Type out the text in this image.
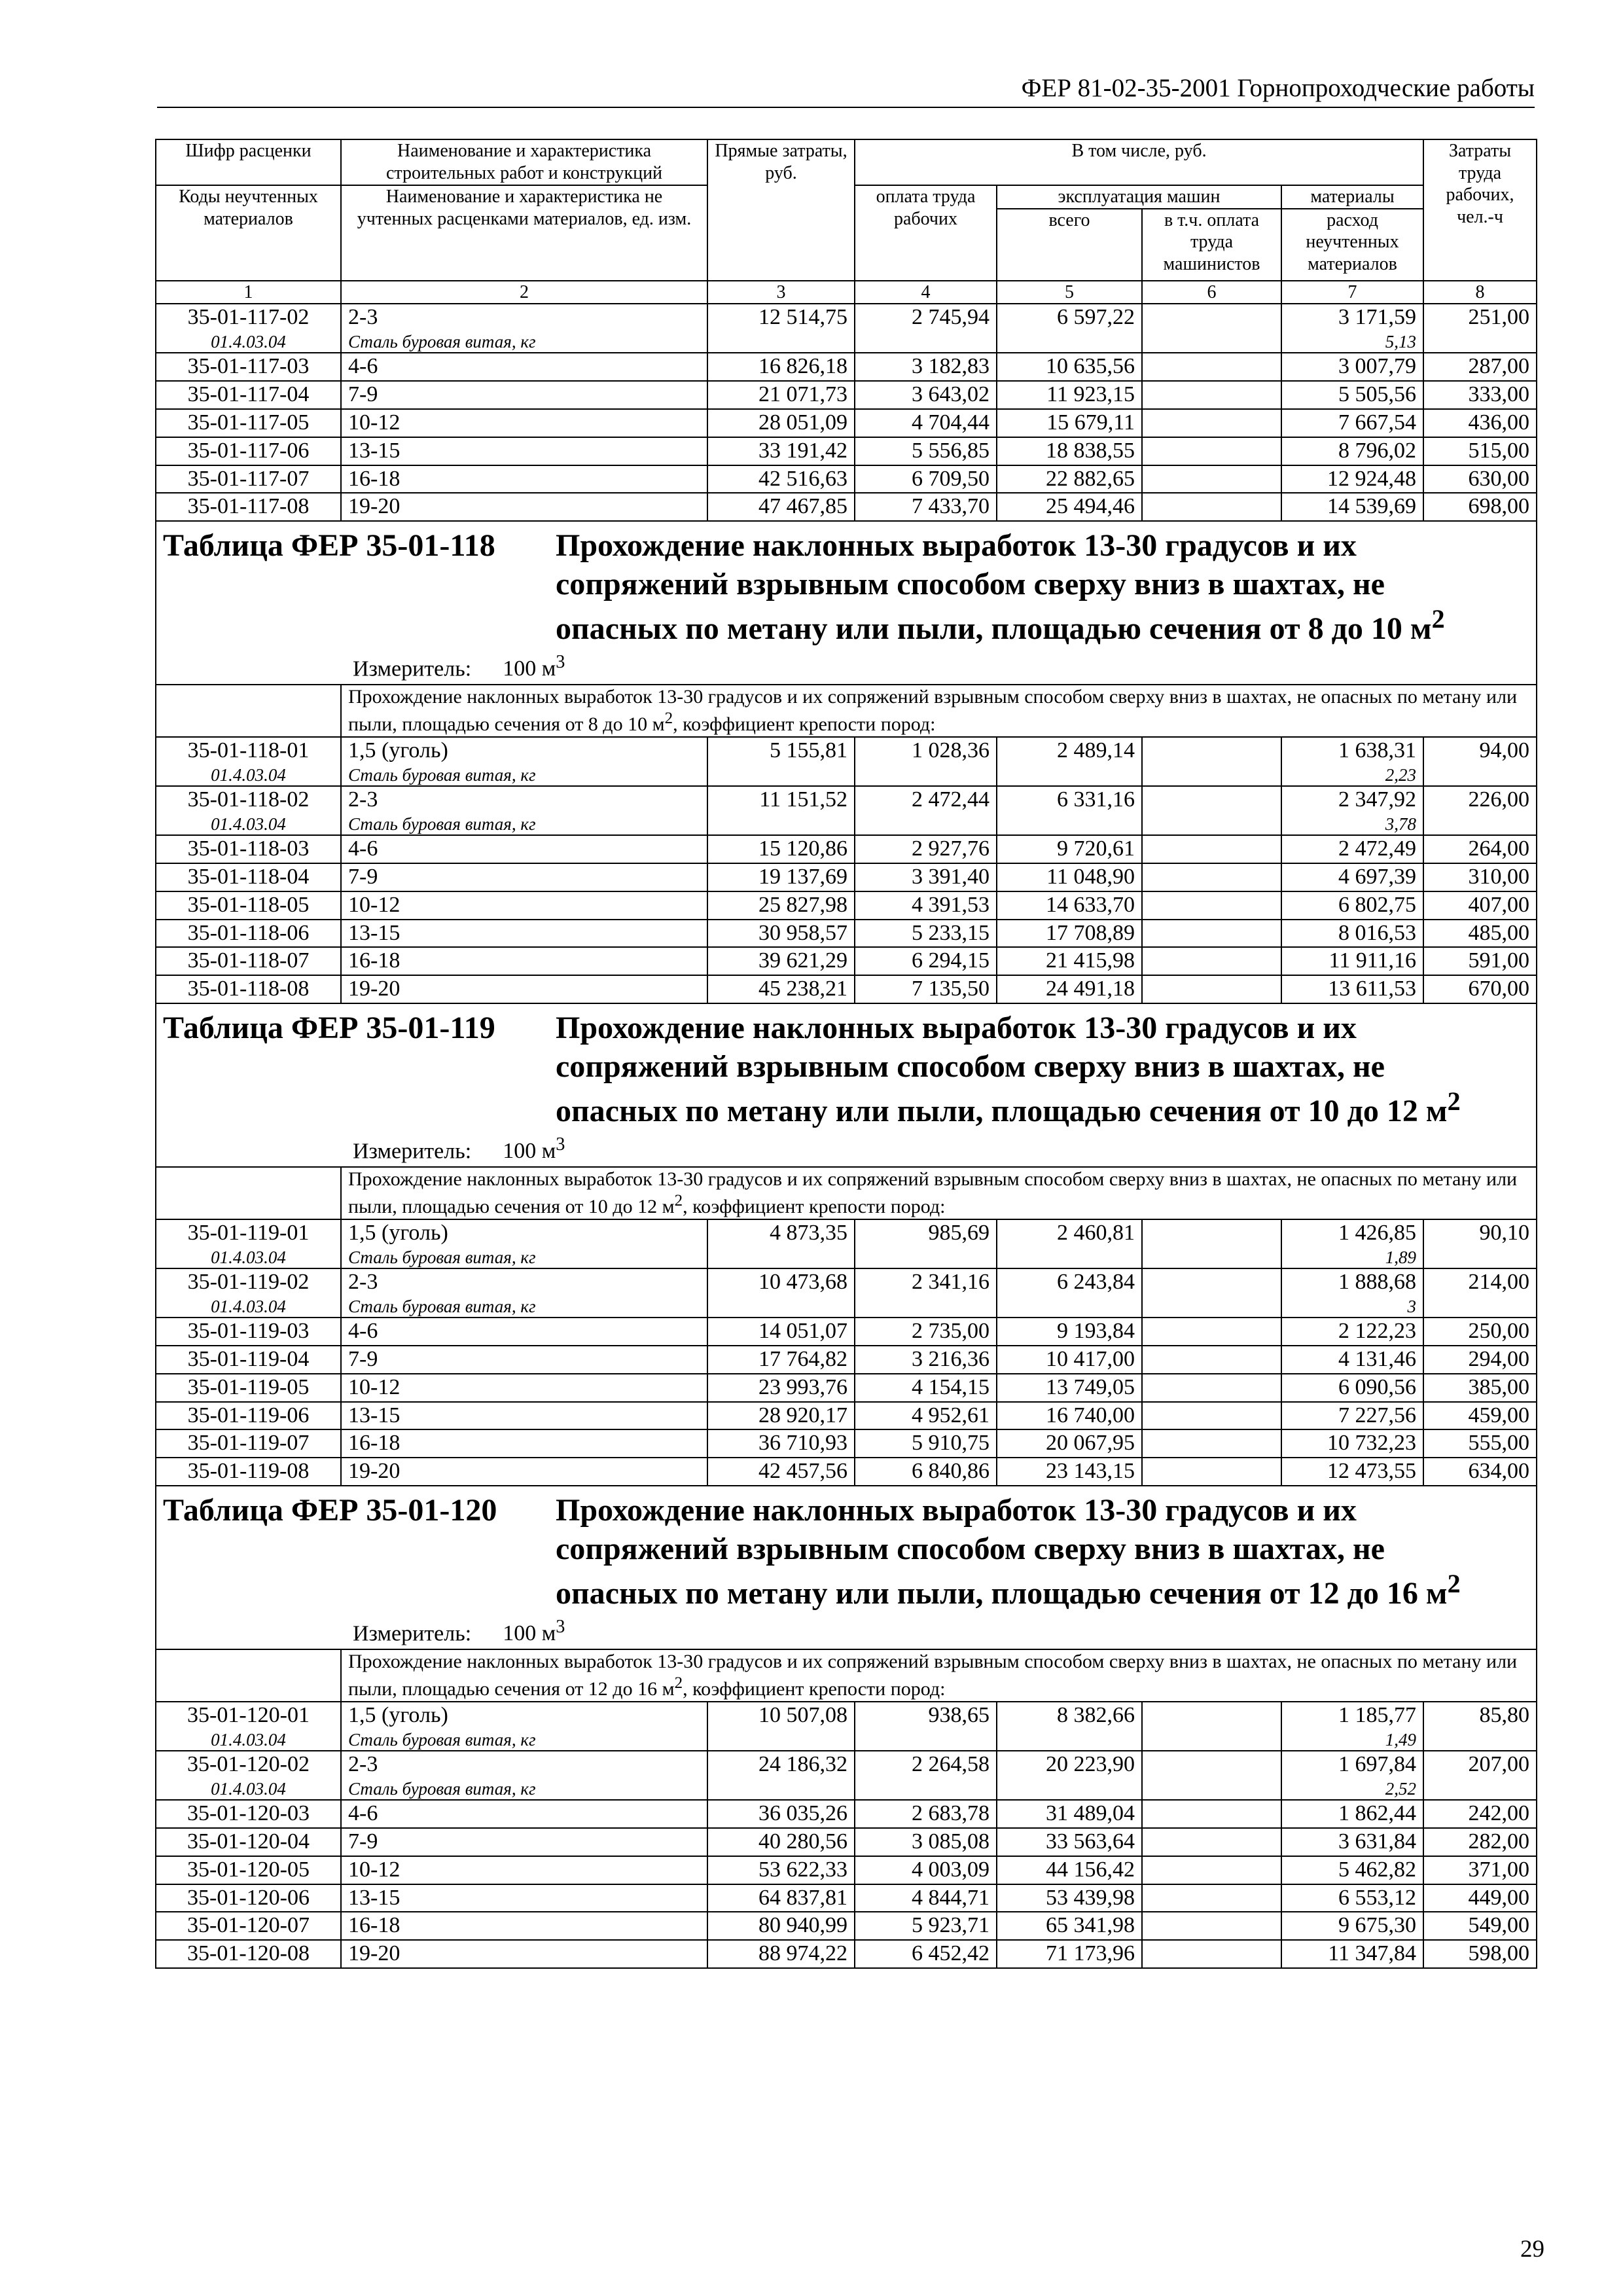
ФЕР 81-02-35-2001 Горнопроходческие работы
Шифр расценки	Наименование и характеристика строительных работ и конструкций	Прямые затраты, руб.	В том числе, руб.				Затраты труда рабочих, чел.-ч
Коды неучтенных материалов	Наименование и характеристика не учтенных расценками материалов, ед. изм.		оплата труда рабочих	эксплуатация машин		материалы	
				всего	в т.ч. оплата труда машинистов	расход неучтенных материалов	
1	2	3	4	5	6	7	8
35-01-117-02	2-3	12 514,75	2 745,94	6 597,22		3 171,59	251,00
01.4.03.04	Сталь буровая витая, кг					5,13	
35-01-117-03	4-6	16 826,18	3 182,83	10 635,56		3 007,79	287,00
35-01-117-04	7-9	21 071,73	3 643,02	11 923,15		5 505,56	333,00
35-01-117-05	10-12	28 051,09	4 704,44	15 679,11		7 667,54	436,00
35-01-117-06	13-15	33 191,42	5 556,85	18 838,55		8 796,02	515,00
35-01-117-07	16-18	42 516,63	6 709,50	22 882,65		12 924,48	630,00
35-01-117-08	19-20	47 467,85	7 433,70	25 494,46		14 539,69	698,00

Таблица ФЕР 35-01-118 Прохождение наклонных выработок 13-30 градусов и их
сопряжений взрывным способом сверху вниз в шахтах, не
опасных по метану или пыли, площадью сечения от 8 до 10 $м^2$
Измеритель: 100 $м^3$

	Прохождение наклонных выработок 13-30 градусов и их сопряжений взрывным способом сверху вниз в шахтах, не опасных по метану или пыли, площадью сечения от 8 до 10 $м^2$, коэффициент крепости пород:						
35-01-118-01	1,5 (уголь)	5 155,81	1 028,36	2 489,14		1 638,31	94,00
01.4.03.04	Сталь буровая витая, кг					2,23	
35-01-118-02	2-3	11 151,52	2 472,44	6 331,16		2 347,92	226,00
01.4.03.04	Сталь буровая витая, кг					3,78	
35-01-118-03	4-6	15 120,86	2 927,76	9 720,61		2 472,49	264,00
35-01-118-04	7-9	19 137,69	3 391,40	11 048,90		4 697,39	310,00
35-01-118-05	10-12	25 827,98	4 391,53	14 633,70		6 802,75	407,00
35-01-118-06	13-15	30 958,57	5 233,15	17 708,89		8 016,53	485,00
35-01-118-07	16-18	39 621,29	6 294,15	21 415,98		11 911,16	591,00
35-01-118-08	19-20	45 238,21	7 135,50	24 491,18		13 611,53	670,00

Таблица ФЕР 35-01-119 Прохождение наклонных выработок 13-30 градусов и их
сопряжений взрывным способом сверху вниз в шахтах, не
опасных по метану или пыли, площадью сечения от 10 до 12 $м^2$
Измеритель: 100 $м^3$

	Прохождение наклонных выработок 13-30 градусов и их сопряжений взрывным способом сверху вниз в шахтах, не опасных по метану или пыли, площадью сечения от 10 до 12 $м^2$, коэффициент крепости пород:						
35-01-119-01	1,5 (уголь)	4 873,35	985,69	2 460,81		1 426,85	90,10
01.4.03.04	Сталь буровая витая, кг					1,89	
35-01-119-02	2-3	10 473,68	2 341,16	6 243,84		1 888,68	214,00
01.4.03.04	Сталь буровая витая, кг					3	
35-01-119-03	4-6	14 051,07	2 735,00	9 193,84		2 122,23	250,00
35-01-119-04	7-9	17 764,82	3 216,36	10 417,00		4 131,46	294,00
35-01-119-05	10-12	23 993,76	4 154,15	13 749,05		6 090,56	385,00
35-01-119-06	13-15	28 920,17	4 952,61	16 740,00		7 227,56	459,00
35-01-119-07	16-18	36 710,93	5 910,75	20 067,95		10 732,23	555,00
35-01-119-08	19-20	42 457,56	6 840,86	23 143,15		12 473,55	634,00

Таблица ФЕР 35-01-120 Прохождение наклонных выработок 13-30 градусов и их
сопряжений взрывным способом сверху вниз в шахтах, не
опасных по метану или пыли, площадью сечения от 12 до 16 $м^2$
Измеритель: 100 $м^3$

	Прохождение наклонных выработок 13-30 градусов и их сопряжений взрывным способом сверху вниз в шахтах, не опасных по метану или пыли, площадью сечения от 12 до 16 $м^2$, коэффициент крепости пород:						
35-01-120-01	1,5 (уголь)	10 507,08	938,65	8 382,66		1 185,77	85,80
01.4.03.04	Сталь буровая витая, кг					1,49	
35-01-120-02	2-3	24 186,32	2 264,58	20 223,90		1 697,84	207,00
01.4.03.04	Сталь буровая витая, кг					2,52	
35-01-120-03	4-6	36 035,26	2 683,78	31 489,04		1 862,44	242,00
35-01-120-04	7-9	40 280,56	3 085,08	33 563,64		3 631,84	282,00
35-01-120-05	10-12	53 622,33	4 003,09	44 156,42		5 462,82	371,00
35-01-120-06	13-15	64 837,81	4 844,71	53 439,98		6 553,12	449,00
35-01-120-07	16-18	80 940,99	5 923,71	65 341,98		9 675,30	549,00
35-01-120-08	19-20	88 974,22	6 452,42	71 173,96		11 347,84	598,00
29
